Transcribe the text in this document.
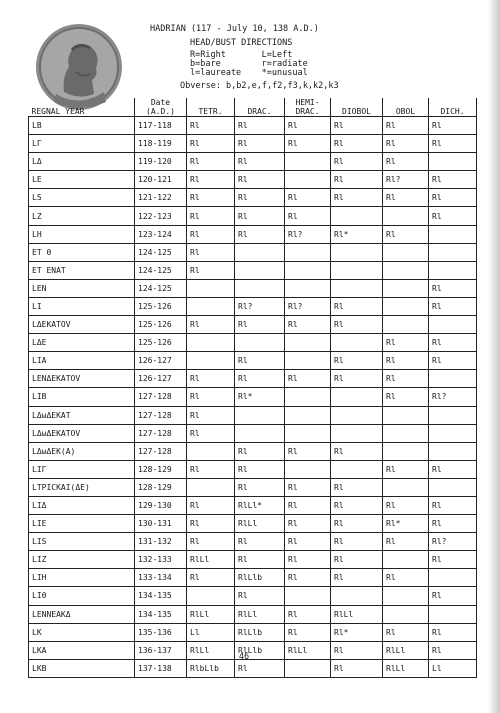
HADRIAN (117 - July 10, 138 A.D.)
HEAD/BUST DIRECTIONS
R=Right       L=Left
b=bare        r=radiate
l=laureate    *=unusual
Obverse: b,b2,e,f,f2,f3,k,k2,k3
REGNAL YEAR	Date (A.D.)	TETR.	DRAC.	HEMI- DRAC.	DIOBOL	OBOL	DICH.
LB	117-118	Rl	Rl	Rl	Rl	Rl	Rl
LΓ	118-119	Rl	Rl	Rl	Rl	Rl	Rl
LΔ	119-120	Rl	Rl		Rl	Rl	
LE	120-121	Rl	Rl		Rl	Rl?	Rl
LS	121-122	Rl	Rl	Rl	Rl	Rl	Rl
LZ	122-123	Rl	Rl	Rl			Rl
LH	123-124	Rl	Rl	Rl?	Rl*	Rl	
ET θ	124-125	Rl					
ET ENAT	124-125	Rl					
LEN	124-125						Rl
LI	125-126		Rl?	Rl?	Rl		Rl
LΔEKATOV	125-126	Rl	Rl	Rl	Rl		
LΔE	125-126					Rl	Rl
LIA	126-127		Rl		Rl	Rl	Rl
LENΔEKATOV	126-127	Rl	Rl	Rl	Rl	Rl	
LIB	127-128	Rl	Rl*			Rl	Rl?
LΔωΔEKAT	127-128	Rl					
LΔωΔEKATOV	127-128	Rl					
LΔωΔEK(A)	127-128		Rl	Rl	Rl		
LIΓ	128-129	Rl	Rl			Rl	Rl
LTPICKAI(ΔE)	128-129		Rl	Rl	Rl		
LIΔ	129-130	Rl	RlLl*	Rl	Rl	Rl	Rl
LIE	130-131	Rl	RlLl	Rl	Rl	Rl*	Rl
LIS	131-132	Rl	Rl	Rl	Rl	Rl	Rl?
LIZ	132-133	RlLl	Rl	Rl	Rl		Rl
LIH	133-134	Rl	RlLlb	Rl	Rl	Rl	
LIθ	134-135		Rl				Rl
LENNEAKΔ	134-135	RlLl	RlLl	Rl	RlLl		
LK	135-136	Ll	RlLlb	Rl	Rl*	Rl	Rl
LKA	136-137	RlLl	RlLlb	RlLl	Rl	RlLl	Rl
LKB	137-138	RlbLlb	Rl		Rl	RlLl	Ll
46
